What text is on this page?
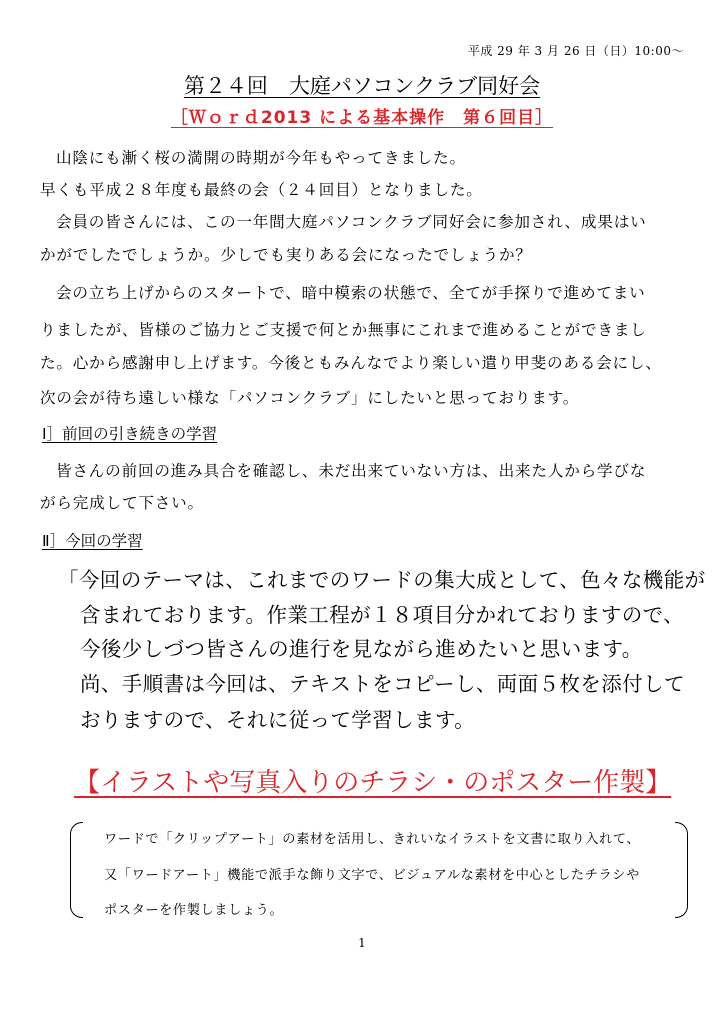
平成 29 年 3 月 26 日（日）10:00～
第２４回　大庭パソコンクラブ同好会
［Ｗｏｒｄ2013 による基本操作　第６回目］
山陰にも漸く桜の満開の時期が今年もやってきました。
早くも平成２８年度も最終の会（２４回目）となりました。
会員の皆さんには、この一年間大庭パソコンクラブ同好会に参加され、成果はい
かがでしたでしょうか。少しでも実りある会になったでしょうか？
会の立ち上げからのスタートで、暗中模索の状態で、全てが手探りで進めてまい
りましたが、皆様のご協力とご支援で何とか無事にこれまで進めることができまし
た。心から感謝申し上げます。今後ともみんなでより楽しい遣り甲斐のある会にし、
次の会が待ち遠しい様な「パソコンクラブ」にしたいと思っております。
Ⅰ］前回の引き続きの学習
皆さんの前回の進み具合を確認し、未だ出来ていない方は、出来た人から学びな
がら完成して下さい。
Ⅱ］今回の学習
「今回のテーマは、これまでのワードの集大成として、色々な機能が
含まれております。作業工程が１８項目分かれておりますので、
今後少しづつ皆さんの進行を見ながら進めたいと思います。
尚、手順書は今回は、テキストをコピーし、両面５枚を添付して
おりますので、それに従って学習します。
【イラストや写真入りのチラシ・のポスター作製】
ワードで「クリップアート」の素材を活用し、きれいなイラストを文書に取り入れて、
又「ワードアート」機能で派手な飾り文字で、ビジュアルな素材を中心としたチラシや
ポスターを作製しましょう。
1
